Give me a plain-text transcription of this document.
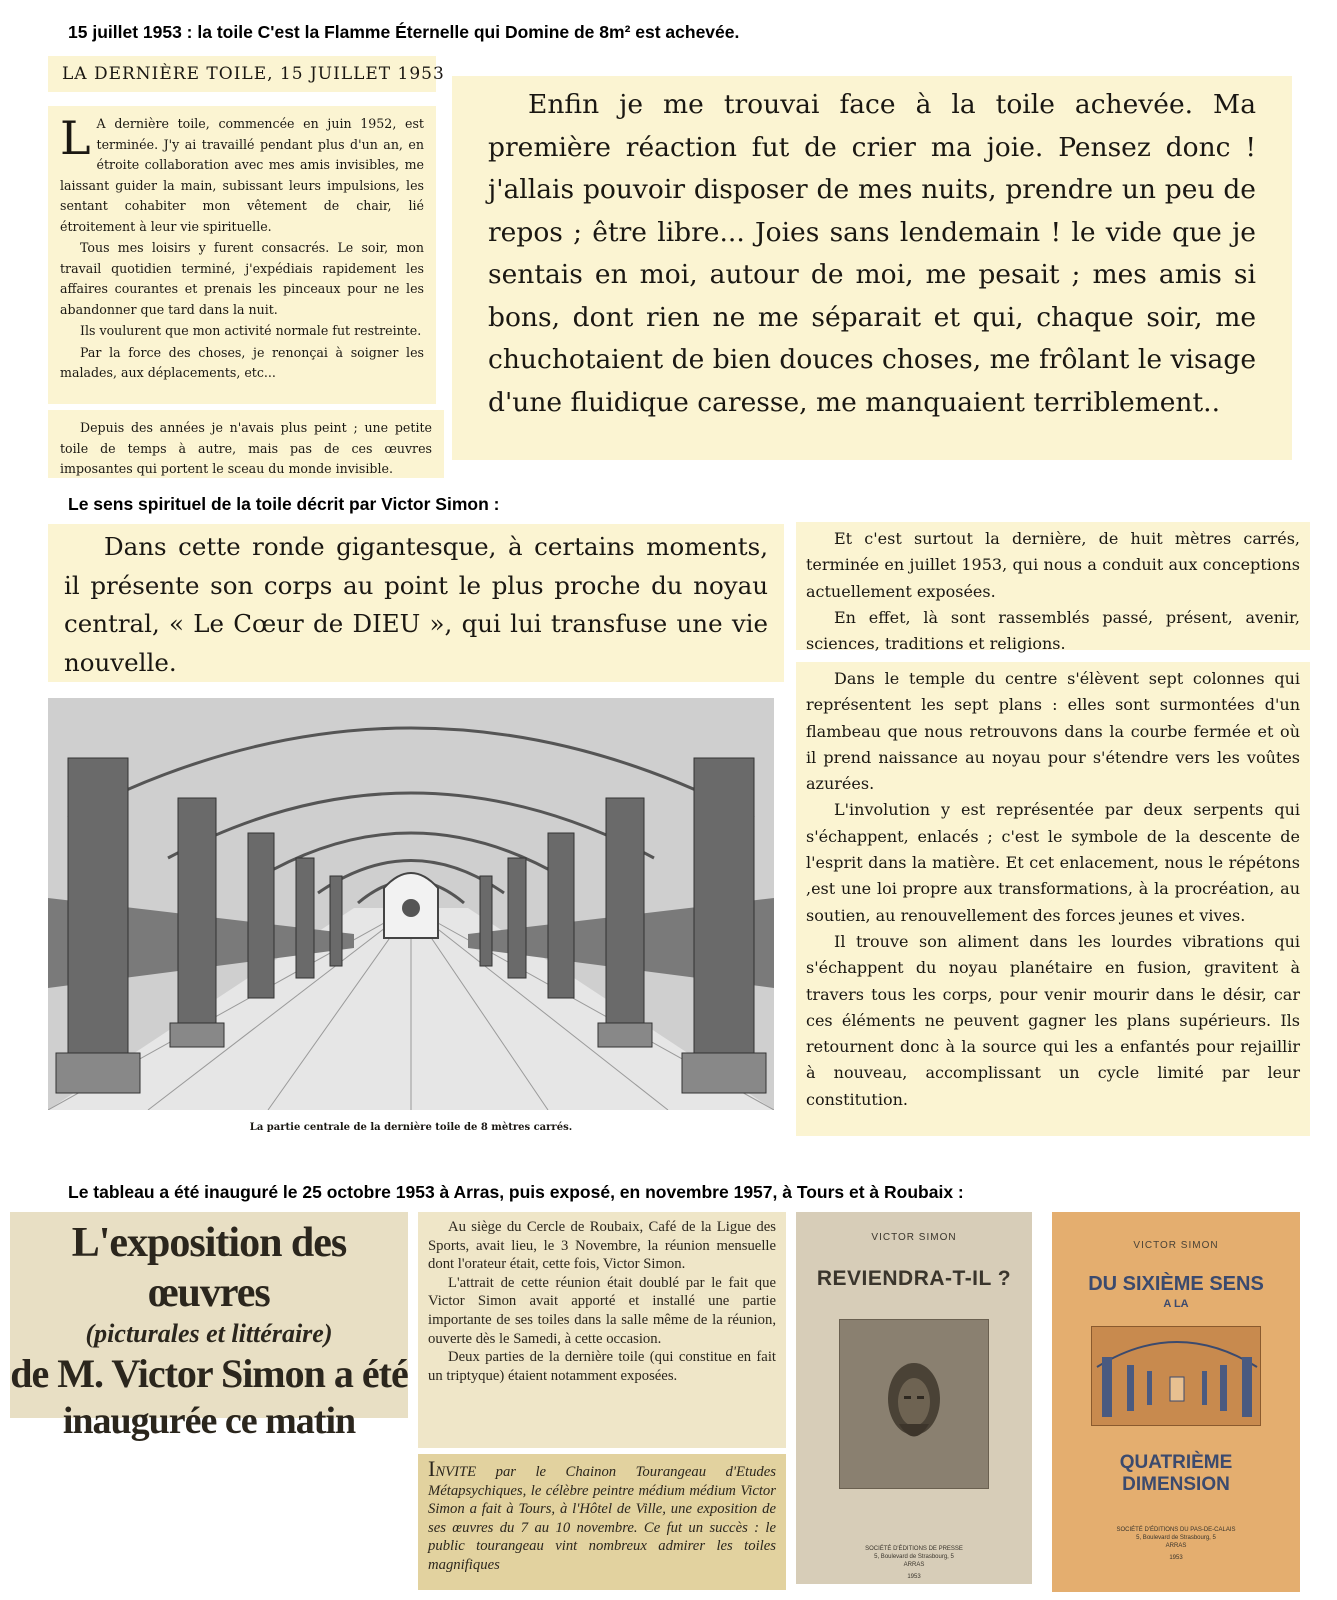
15 juillet 1953 : la toile C'est la Flamme Éternelle qui Domine de 8m² est achevée.
Le sens spirituel de la toile décrit par Victor Simon :
Le tableau a été inauguré le 25 octobre 1953 à Arras, puis exposé, en novembre 1957, à Tours et à Roubaix :
LA DERNIÈRE TOILE, 15 JUILLET 1953
L A dernière toile, commencée en juin 1952, est terminée. J'y ai travaillé pendant plus d'un an, en étroite collaboration avec mes amis invisibles, me laissant guider la main, subissant leurs impulsions, les sentant cohabiter mon vêtement de chair, lié étroitement à leur vie spirituelle.

Tous mes loisirs y furent consacrés. Le soir, mon travail quotidien terminé, j'expédiais rapidement les affaires courantes et prenais les pinceaux pour ne les abandonner que tard dans la nuit.

Ils voulurent que mon activité normale fut restreinte.

Par la force des choses, je renonçai à soigner les malades, aux déplacements, etc...

Depuis des années je n'avais plus peint ; une petite toile de temps à autre, mais pas de ces œuvres imposantes qui portent le sceau du monde invisible.

Enfin je me trouvai face à la toile achevée. Ma première réaction fut de crier ma joie. Pensez donc ! j'allais pouvoir disposer de mes nuits, prendre un peu de repos ; être libre... Joies sans lendemain ! le vide que je sentais en moi, autour de moi, me pesait ; mes amis si bons, dont rien ne me séparait et qui, chaque soir, me chuchotaient de bien douces choses, me frôlant le visage d'une fluidique caresse, me manquaient terriblement..

Dans cette ronde gigantesque, à certains moments, il présente son corps au point le plus proche du noyau central, « Le Cœur de DIEU », qui lui transfuse une vie nouvelle.

La partie centrale de la dernière toile de 8 mètres carrés.

Et c'est surtout la dernière, de huit mètres carrés, terminée en juillet 1953, qui nous a conduit aux conceptions actuellement exposées.

En effet, là sont rassemblés passé, présent, avenir, sciences, traditions et religions.

Dans le temple du centre s'élèvent sept colonnes qui représentent les sept plans : elles sont surmontées d'un flambeau que nous retrouvons dans la courbe fermée et où il prend naissance au noyau pour s'étendre vers les voûtes azurées.

L'involution y est représentée par deux serpents qui s'échappent, enlacés ; c'est le symbole de la descente de l'esprit dans la matière. Et cet enlacement, nous le répétons ,est une loi propre aux transformations, à la procréation, au soutien, au renouvellement des forces jeunes et vives.

Il trouve son aliment dans les lourdes vibrations qui s'échappent du noyau planétaire en fusion, gravitent à travers tous les corps, pour venir mourir dans le désir, car ces éléments ne peuvent gagner les plans supérieurs. Ils retournent donc à la source qui les a enfantés pour rejaillir à nouveau, accomplissant un cycle limité par leur constitution.

L'exposition des œuvres
(picturales et littéraire)
de M. Victor Simon a été
inaugurée ce matin

Au siège du Cercle de Roubaix, Café de la Ligue des Sports, avait lieu, le 3 Novembre, la réunion mensuelle dont l'orateur était, cette fois, Victor Simon.

L'attrait de cette réunion était doublé par le fait que Victor Simon avait apporté et installé une partie importante de ses toiles dans la salle même de la réunion, ouverte dès le Samedi, à cette occasion.

Deux parties de la dernière toile (qui constitue en fait un triptyque) étaient notamment exposées.

INVITE par le Chainon Tourangeau d'Etudes Métapsychiques, le célèbre peintre médium médium Victor Simon a fait à Tours, à l'Hôtel de Ville, une exposition de ses œuvres du 7 au 10 novembre. Ce fut un succès : le public tourangeau vint nombreux admirer les toiles magnifiques

VICTOR SIMON
REVIENDRA-T-IL ?
SOCIÉTÉ D'ÉDITIONS DE PRESSE
5, Boulevard de Strasbourg, 5
ARRAS
1953
VICTOR SIMON
DU SIXIÈME SENS
A LA
QUATRIÈME
DIMENSION
SOCIÉTÉ D'ÉDITIONS DU PAS-DE-CALAIS
5, Boulevard de Strasbourg, 5
ARRAS
1953
